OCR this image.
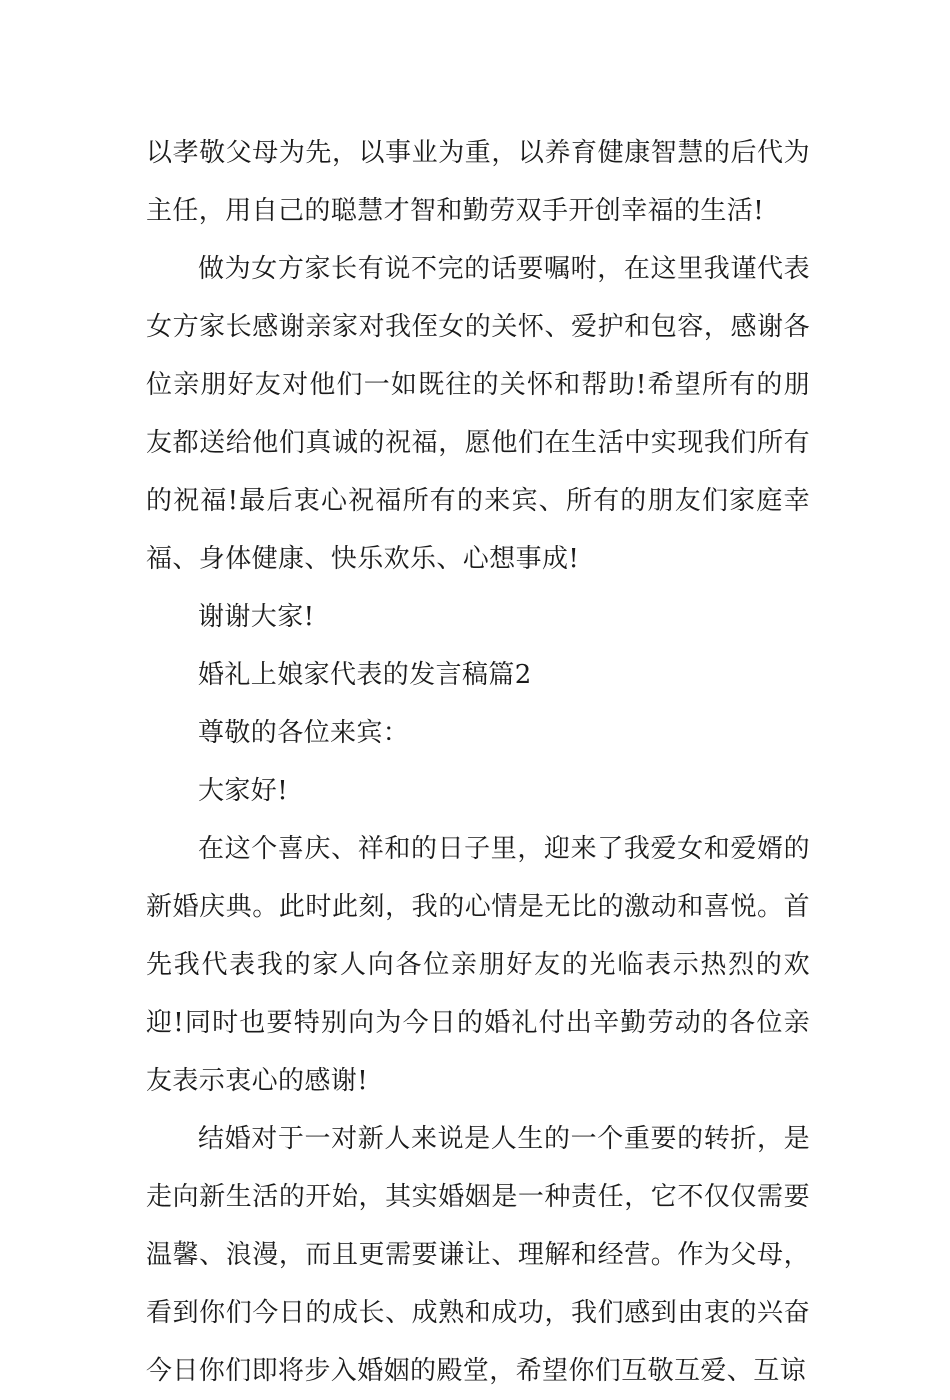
以孝敬父母为先，以事业为重，以养育健康智慧的后代为主任，用自己的聪慧才智和勤劳双手开创幸福的生活!

做为女方家长有说不完的话要嘱咐，在这里我谨代表女方家长感谢亲家对我侄女的关怀、爱护和包容，感谢各位亲朋好友对他们一如既往的关怀和帮助!希望所有的朋友都送给他们真诚的祝福，愿他们在生活中实现我们所有的祝福!最后衷心祝福所有的来宾、所有的朋友们家庭幸福、身体健康、快乐欢乐、心想事成!

谢谢大家!

婚礼上娘家代表的发言稿篇2

尊敬的各位来宾：

大家好!

在这个喜庆、祥和的日子里，迎来了我爱女和爱婿的新婚庆典。此时此刻，我的心情是无比的激动和喜悦。首先我代表我的家人向各位亲朋好友的光临表示热烈的欢迎!同时也要特别向为今日的婚礼付出辛勤劳动的各位亲友表示衷心的感谢!

结婚对于一对新人来说是人生的一个重要的转折，是走向新生活的开始，其实婚姻是一种责任，它不仅仅需要温馨、浪漫，而且更需要谦让、理解和经营。作为父母，看到你们今日的成长、成熟和成功，我们感到由衷的兴奋今日你们即将步入婚姻的殿堂，希望你们互敬互爱、互谅
